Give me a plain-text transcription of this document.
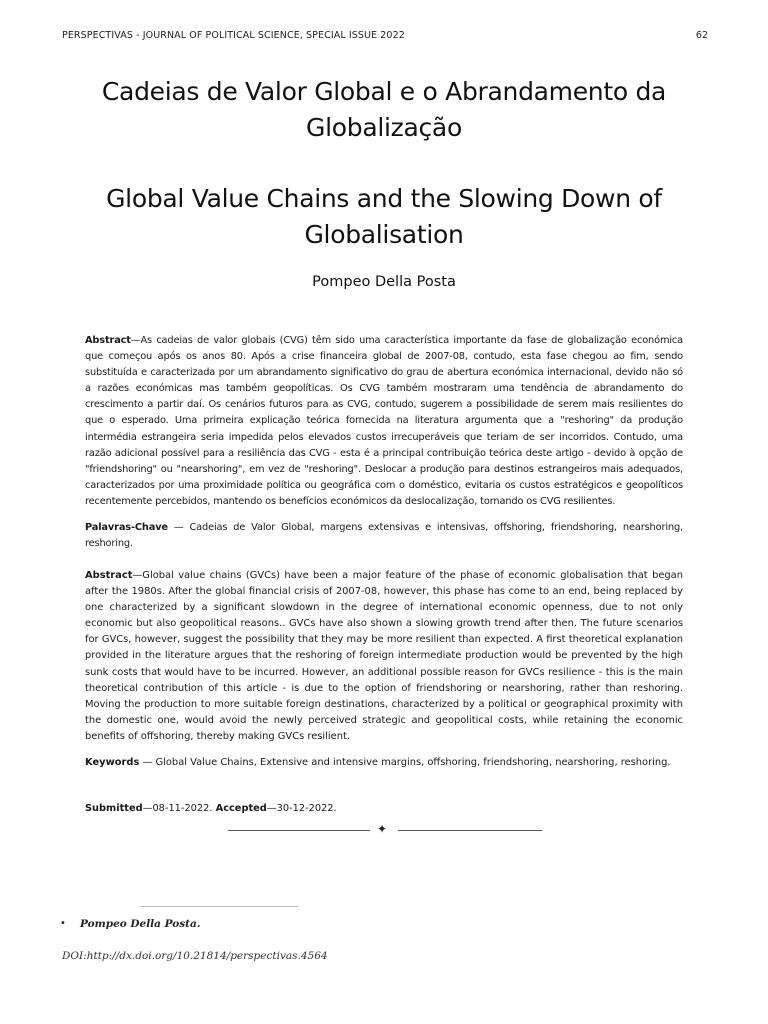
PERSPECTIVAS - JOURNAL OF POLITICAL SCIENCE, SPECIAL ISSUE 2022	62
Cadeias de Valor Global e o Abrandamento da Globalização
Global Value Chains and the Slowing Down of Globalisation
Pompeo Della Posta

Abstract—As cadeias de valor globais (CVG) têm sido uma característica importante da fase de globalização económica que começou após os anos 80. Após a crise financeira global de 2007-08, contudo, esta fase chegou ao fim, sendo substituída e caracterizada por um abrandamento significativo do grau de abertura económica internacional, devido não só a razões económicas mas também geopolíticas. Os CVG também mostraram uma tendência de abrandamento do crescimento a partir daí. Os cenários futuros para as CVG, contudo, sugerem a possibilidade de serem mais resilientes do que o esperado. Uma primeira explicação teórica fornecida na literatura argumenta que a "reshoring" da produção intermédia estrangeira seria impedida pelos elevados custos irrecuperáveis que teriam de ser incorridos. Contudo, uma razão adicional possível para a resiliência das CVG - esta é a principal contribuição teórica deste artigo - devido à opção de "friendshoring" ou "nearshoring", em vez de "reshoring". Deslocar a produção para destinos estrangeiros mais adequados, caracterizados por uma proximidade política ou geográfica com o doméstico, evitaria os custos estratégicos e geopolíticos recentemente percebidos, mantendo os benefícios económicos da deslocalização, tornando os CVG resilientes.

Palavras-Chave — Cadeias de Valor Global, margens extensivas e intensivas, offshoring, friendshoring, nearshoring, reshoring.

Abstract—Global value chains (GVCs) have been a major feature of the phase of economic globalisation that began after the 1980s. After the global financial crisis of 2007-08, however, this phase has come to an end, being replaced by one characterized by a significant slowdown in the degree of international economic openness, due to not only economic but also geopolitical reasons.. GVCs have also shown a slowing growth trend after then. The future scenarios for GVCs, however, suggest the possibility that they may be more resilient than expected. A first theoretical explanation provided in the literature argues that the reshoring of foreign intermediate production would be prevented by the high sunk costs that would have to be incurred. However, an additional possible reason for GVCs resilience - this is the main theoretical contribution of this article - is due to the option of friendshoring or nearshoring, rather than reshoring. Moving the production to more suitable foreign destinations, characterized by a political or geographical proximity with the domestic one, would avoid the newly perceived strategic and geopolitical costs, while retaining the economic benefits of offshoring, thereby making GVCs resilient.

Keywords — Global Value Chains, Extensive and intensive margins, offshoring, friendshoring, nearshoring, reshoring.

Submitted—08-11-2022. Accepted—30-12-2022.

✦
• Pompeo Della Posta.
DOI:http://dx.doi.org/10.21814/perspectivas.4564
